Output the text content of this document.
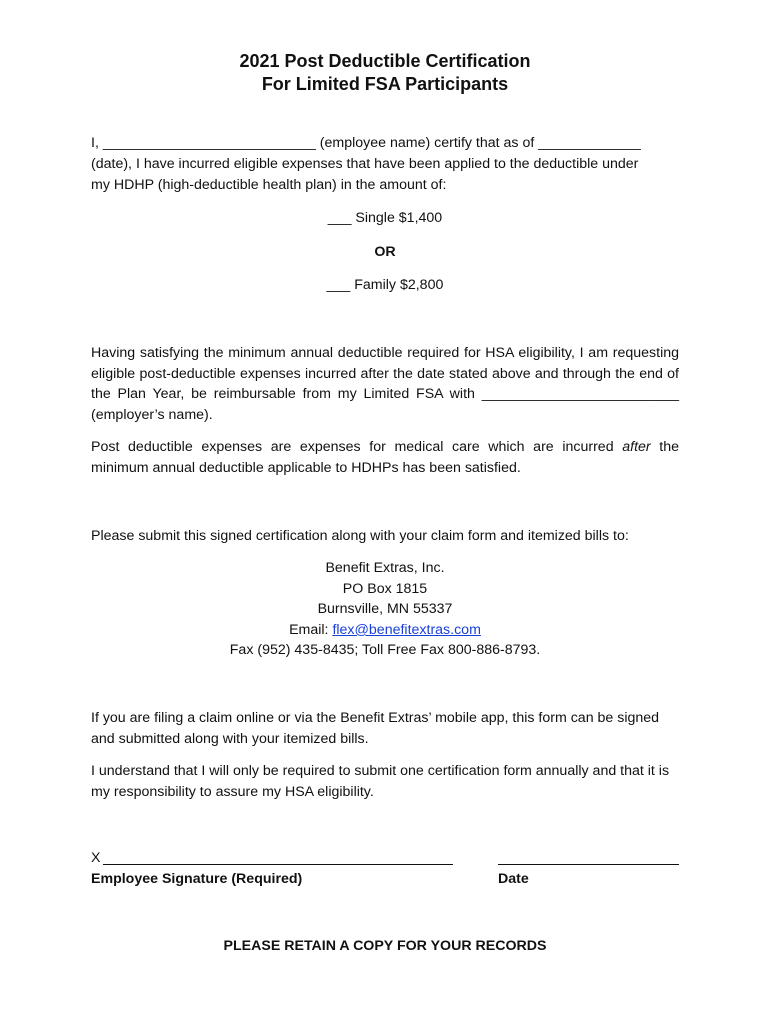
2021 Post Deductible Certification
For Limited FSA Participants
I, ___________________________ (employee name) certify that as of _____________
(date), I have incurred eligible expenses that have been applied to the deductible under
my HDHP (high-deductible health plan) in the amount of:
___ Single $1,400
OR
___ Family $2,800

Having satisfying the minimum annual deductible required for HSA eligibility, I am requesting eligible post-deductible expenses incurred after the date stated above and through the end of the Plan Year, be reimbursable from my Limited FSA with _________________________ (employer’s name).

Post deductible expenses are expenses for medical care which are incurred after the minimum annual deductible applicable to HDHPs has been satisfied.

Please submit this signed certification along with your claim form and itemized bills to:

Benefit Extras, Inc.
PO Box 1815
Burnsville, MN 55337
Email: flex@benefitextras.com
Fax (952) 435-8435; Toll Free Fax 800-886-8793.

If you are filing a claim online or via the Benefit Extras’ mobile app, this form can be signed and submitted along with your itemized bills.

I understand that I will only be required to submit one certification form annually and that it is my responsibility to assure my HSA eligibility.

X
Employee Signature (Required)	Date
PLEASE RETAIN A COPY FOR YOUR RECORDS
